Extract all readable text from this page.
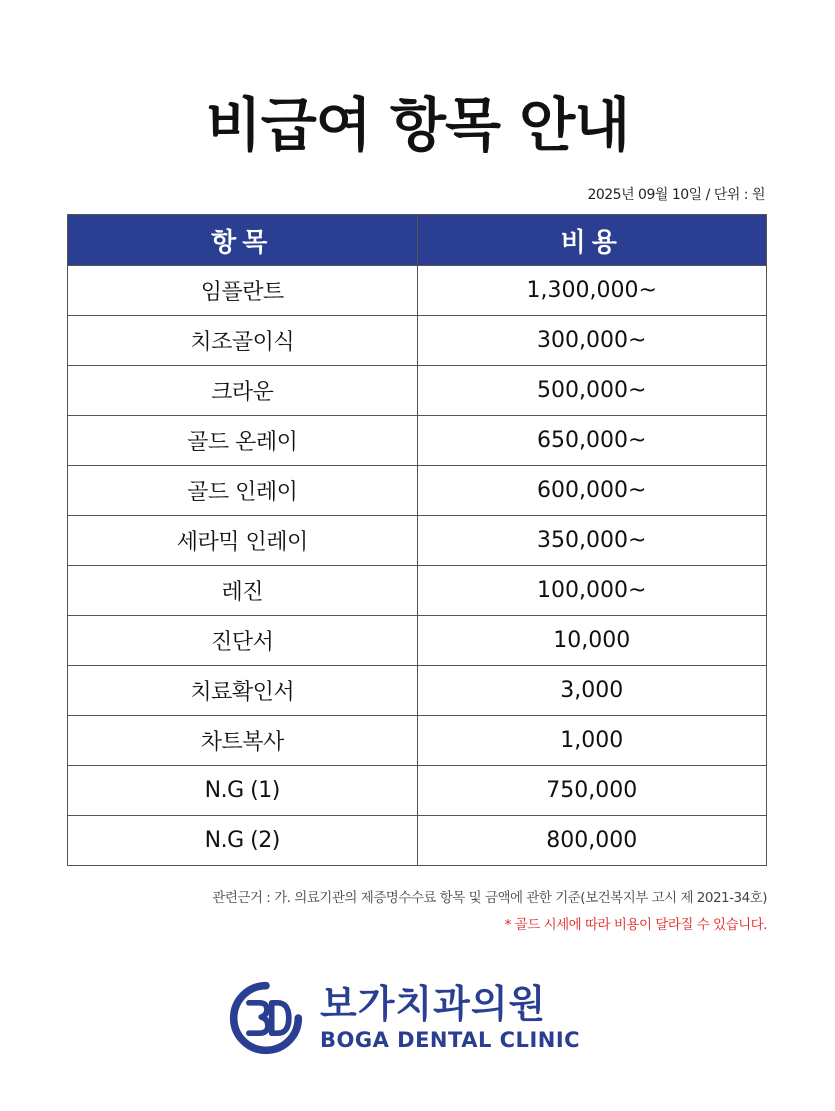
비급여 항목 안내
2025년 09월 10일 / 단위 : 원
항목	비용
임플란트	1,300,000~
치조골이식	300,000~
크라운	500,000~
골드 온레이	650,000~
골드 인레이	600,000~
세라믹 인레이	350,000~
레진	100,000~
진단서	10,000
치료확인서	3,000
차트복사	1,000
N.G (1)	750,000
N.G (2)	800,000
관련근거 : 가. 의료기관의 제증명수수료 항목 및 금액에 관한 기준(보건복지부 고시 제 2021-34호)
* 골드 시세에 따라 비용이 달라질 수 있습니다.
보가치과의원
BOGA DENTAL CLINIC
